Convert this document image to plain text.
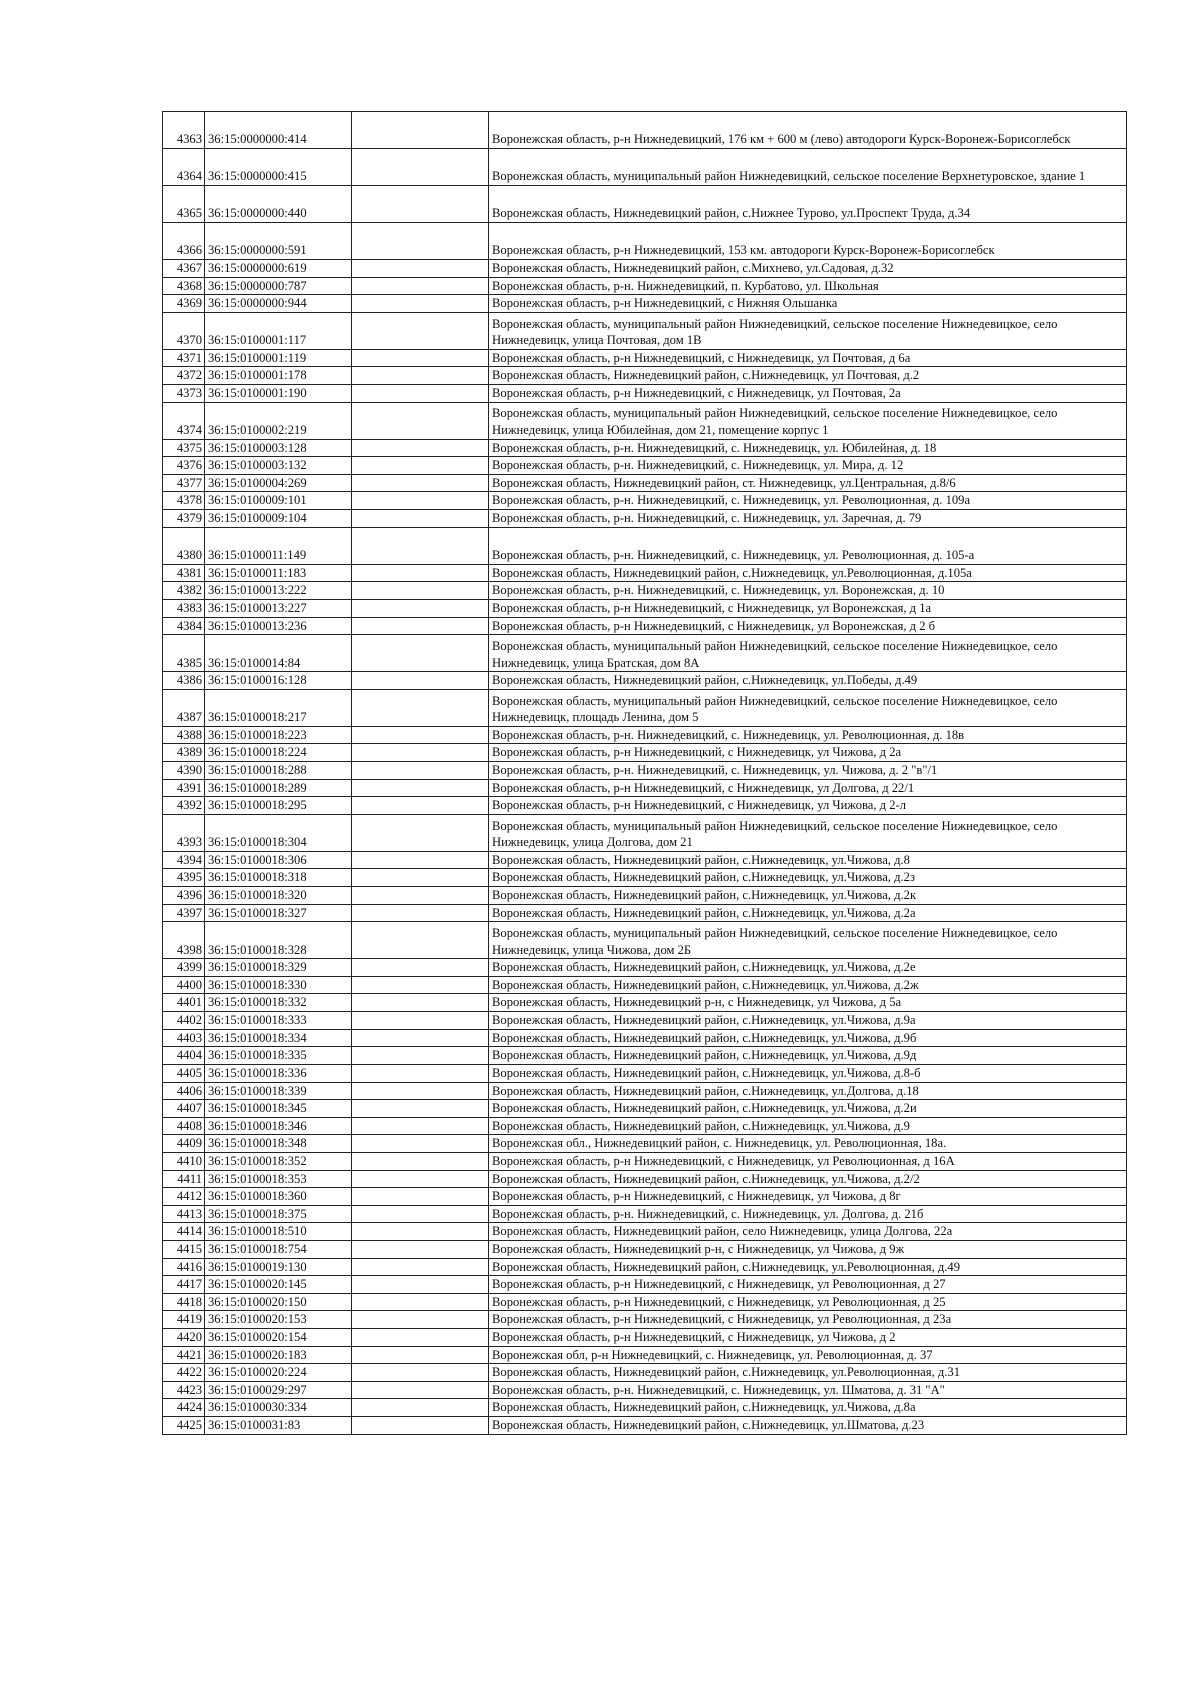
4363	36:15:0000000:414		Воронежская область, р-н Нижнедевицкий, 176 км + 600 м (лево) автодороги Курск-Воронеж-Борисоглебск
4364	36:15:0000000:415		Воронежская область, муниципальный район Нижнедевицкий, сельское поселение Верхнетуровское, здание 1
4365	36:15:0000000:440		Воронежская область, Нижнедевицкий район, с.Нижнее Турово, ул.Проспект Труда, д.34
4366	36:15:0000000:591		Воронежская область, р-н Нижнедевицкий, 153 км. автодороги Курск-Воронеж-Борисоглебск
4367	36:15:0000000:619		Воронежская область, Нижнедевицкий район, с.Михнево, ул.Садовая, д.32
4368	36:15:0000000:787		Воронежская область, р-н. Нижнедевицкий, п. Курбатово, ул. Школьная
4369	36:15:0000000:944		Воронежская область, р-н Нижнедевицкий, с Нижняя Ольшанка
4370	36:15:0100001:117		Воронежская область, муниципальный район Нижнедевицкий, сельское поселение Нижнедевицкое, село Нижнедевицк, улица Почтовая, дом 1В
4371	36:15:0100001:119		Воронежская область, р-н Нижнедевицкий, с Нижнедевицк, ул Почтовая, д 6а
4372	36:15:0100001:178		Воронежская область, Нижнедевицкий район, с.Нижнедевицк, ул Почтовая, д.2
4373	36:15:0100001:190		Воронежская область, р-н Нижнедевицкий, с Нижнедевицк, ул Почтовая, 2а
4374	36:15:0100002:219		Воронежская область, муниципальный район Нижнедевицкий, сельское поселение Нижнедевицкое, село Нижнедевицк, улица Юбилейная, дом 21, помещение корпус 1
4375	36:15:0100003:128		Воронежская область, р-н. Нижнедевицкий, с. Нижнедевицк, ул. Юбилейная, д. 18
4376	36:15:0100003:132		Воронежская область, р-н. Нижнедевицкий, с. Нижнедевицк, ул. Мира, д. 12
4377	36:15:0100004:269		Воронежская область, Нижнедевицкий район, ст. Нижнедевицк, ул.Центральная, д.8/6
4378	36:15:0100009:101		Воронежская область, р-н. Нижнедевицкий, с. Нижнедевицк, ул. Революционная, д. 109а
4379	36:15:0100009:104		Воронежская область, р-н. Нижнедевицкий, с. Нижнедевицк, ул. Заречная, д. 79
4380	36:15:0100011:149		Воронежская область, р-н. Нижнедевицкий, с. Нижнедевицк, ул. Революционная, д. 105-а
4381	36:15:0100011:183		Воронежская область, Нижнедевицкий район, с.Нижнедевицк, ул.Революционная, д.105а
4382	36:15:0100013:222		Воронежская область, р-н. Нижнедевицкий, с. Нижнедевицк, ул. Воронежская, д. 10
4383	36:15:0100013:227		Воронежская область, р-н Нижнедевицкий, с Нижнедевицк, ул Воронежская, д 1а
4384	36:15:0100013:236		Воронежская область, р-н Нижнедевицкий, с Нижнедевицк, ул Воронежская, д 2 б
4385	36:15:0100014:84		Воронежская область, муниципальный район Нижнедевицкий, сельское поселение Нижнедевицкое, село Нижнедевицк, улица Братская, дом 8А
4386	36:15:0100016:128		Воронежская область, Нижнедевицкий район, с.Нижнедевицк, ул.Победы, д.49
4387	36:15:0100018:217		Воронежская область, муниципальный район Нижнедевицкий, сельское поселение Нижнедевицкое, село Нижнедевицк, площадь Ленина, дом 5
4388	36:15:0100018:223		Воронежская область, р-н. Нижнедевицкий, с. Нижнедевицк, ул. Революционная, д. 18в
4389	36:15:0100018:224		Воронежская область, р-н Нижнедевицкий, с Нижнедевицк, ул Чижова, д 2а
4390	36:15:0100018:288		Воронежская область, р-н. Нижнедевицкий, с. Нижнедевицк, ул. Чижова, д. 2 "в"/1
4391	36:15:0100018:289		Воронежская область, р-н Нижнедевицкий, с Нижнедевицк, ул Долгова, д 22/1
4392	36:15:0100018:295		Воронежская область, р-н Нижнедевицкий, с Нижнедевицк, ул Чижова, д 2-л
4393	36:15:0100018:304		Воронежская область, муниципальный район Нижнедевицкий, сельское поселение Нижнедевицкое, село Нижнедевицк, улица Долгова, дом 21
4394	36:15:0100018:306		Воронежская область, Нижнедевицкий район, с.Нижнедевицк, ул.Чижова, д.8
4395	36:15:0100018:318		Воронежская область, Нижнедевицкий район, с.Нижнедевицк, ул.Чижова, д.2з
4396	36:15:0100018:320		Воронежская область, Нижнедевицкий район, с.Нижнедевицк, ул.Чижова, д.2к
4397	36:15:0100018:327		Воронежская область, Нижнедевицкий район, с.Нижнедевицк, ул.Чижова, д.2а
4398	36:15:0100018:328		Воронежская область, муниципальный район Нижнедевицкий, сельское поселение Нижнедевицкое, село Нижнедевицк, улица Чижова, дом 2Б
4399	36:15:0100018:329		Воронежская область, Нижнедевицкий район, с.Нижнедевицк, ул.Чижова, д.2е
4400	36:15:0100018:330		Воронежская область, Нижнедевицкий район, с.Нижнедевицк, ул.Чижова, д.2ж
4401	36:15:0100018:332		Воронежская область, Нижнедевицкий р-н, с Нижнедевицк, ул Чижова, д 5а
4402	36:15:0100018:333		Воронежская область, Нижнедевицкий район, с.Нижнедевицк, ул.Чижова, д.9а
4403	36:15:0100018:334		Воронежская область, Нижнедевицкий район, с.Нижнедевицк, ул.Чижова, д.9б
4404	36:15:0100018:335		Воронежская область, Нижнедевицкий район, с.Нижнедевицк, ул.Чижова, д.9д
4405	36:15:0100018:336		Воронежская область, Нижнедевицкий район, с.Нижнедевицк, ул.Чижова, д.8-б
4406	36:15:0100018:339		Воронежская область, Нижнедевицкий район, с.Нижнедевицк, ул.Долгова, д.18
4407	36:15:0100018:345		Воронежская область, Нижнедевицкий район, с.Нижнедевицк, ул.Чижова, д.2и
4408	36:15:0100018:346		Воронежская область, Нижнедевицкий район, с.Нижнедевицк, ул.Чижова, д.9
4409	36:15:0100018:348		Воронежская обл., Нижнедевицкий район, с. Нижнедевицк, ул. Революционная, 18а.
4410	36:15:0100018:352		Воронежская область, р-н Нижнедевицкий, с Нижнедевицк, ул Революционная, д 16А
4411	36:15:0100018:353		Воронежская область, Нижнедевицкий район, с.Нижнедевицк, ул.Чижова, д.2/2
4412	36:15:0100018:360		Воронежская область, р-н Нижнедевицкий, с Нижнедевицк, ул Чижова, д 8г
4413	36:15:0100018:375		Воронежская область, р-н. Нижнедевицкий, с. Нижнедевицк, ул. Долгова, д. 21б
4414	36:15:0100018:510		Воронежская область, Нижнедевицкий район, село Нижнедевицк, улица Долгова, 22а
4415	36:15:0100018:754		Воронежская область, Нижнедевицкий р-н, с Нижнедевицк, ул Чижова, д 9ж
4416	36:15:0100019:130		Воронежская область, Нижнедевицкий район, с.Нижнедевицк, ул.Революционная, д.49
4417	36:15:0100020:145		Воронежская область, р-н Нижнедевицкий, с Нижнедевицк, ул Революционная, д 27
4418	36:15:0100020:150		Воронежская область, р-н Нижнедевицкий, с Нижнедевицк, ул Революционная, д 25
4419	36:15:0100020:153		Воронежская область, р-н Нижнедевицкий, с Нижнедевицк, ул Революционная, д 23а
4420	36:15:0100020:154		Воронежская область, р-н Нижнедевицкий, с Нижнедевицк, ул Чижова, д 2
4421	36:15:0100020:183		Воронежская обл, р-н Нижнедевицкий, с. Нижнедевицк, ул. Революционная, д. 37
4422	36:15:0100020:224		Воронежская область, Нижнедевицкий район, с.Нижнедевицк, ул.Революционная, д.31
4423	36:15:0100029:297		Воронежская область, р-н. Нижнедевицкий, с. Нижнедевицк, ул. Шматова, д. 31 "А"
4424	36:15:0100030:334		Воронежская область, Нижнедевицкий район, с.Нижнедевицк, ул.Чижова, д.8а
4425	36:15:0100031:83		Воронежская область, Нижнедевицкий район, с.Нижнедевицк, ул.Шматова, д.23
